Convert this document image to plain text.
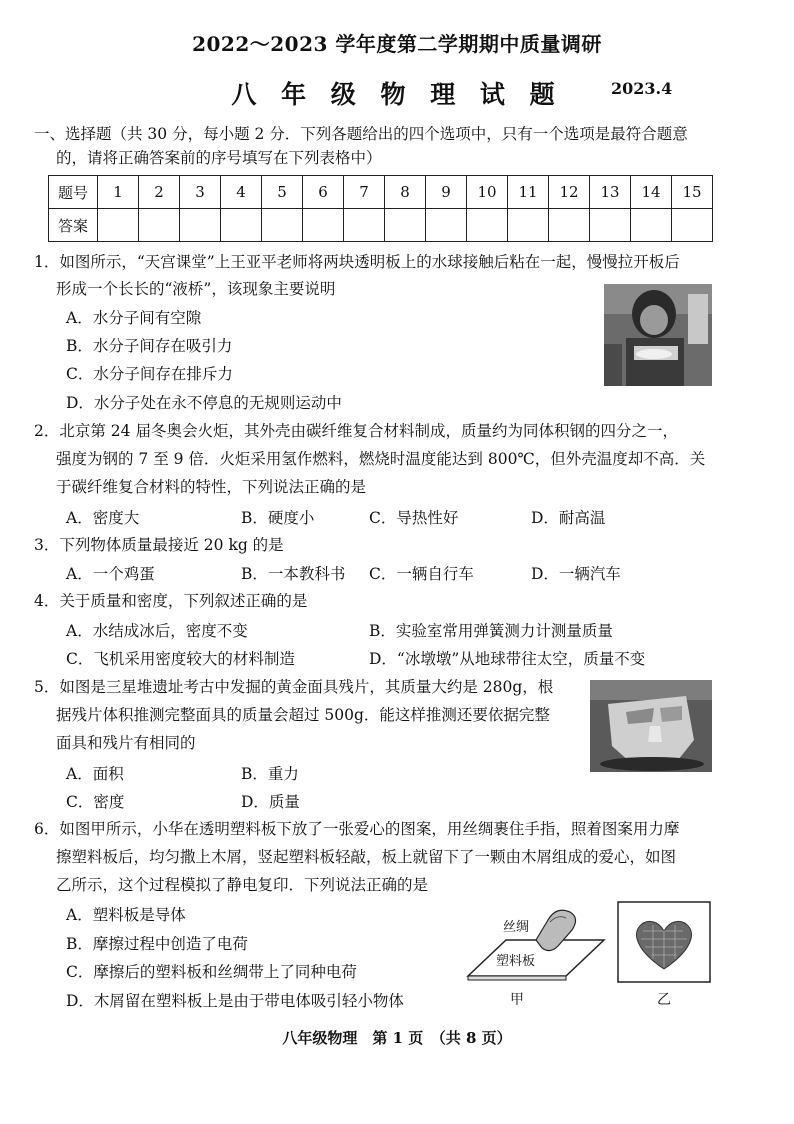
2022～2023 学年度第二学期期中质量调研
八 年 级 物 理 试 题	2023.4
一、选择题（共 30 分，每小题 2 分．下列各题给出的四个选项中，只有一个选项是最符合题意
的，请将正确答案前的序号填写在下列表格中）
题号	1	2	3	4	5	6	7	8	9	10	11	12	13	14	15
答案															
1．如图所示，“天宫课堂”上王亚平老师将两块透明板上的水球接触后粘在一起，慢慢拉开板后
形成一个长长的“液桥”，该现象主要说明
A．水分子间有空隙
B．水分子间存在吸引力
C．水分子间存在排斥力
D．水分子处在永不停息的无规则运动中
2．北京第 24 届冬奥会火炬，其外壳由碳纤维复合材料制成，质量约为同体积钢的四分之一，
强度为钢的 7 至 9 倍．火炬采用氢作燃料，燃烧时温度能达到 800℃，但外壳温度却不高．关
于碳纤维复合材料的特性，下列说法正确的是
A．密度大	B．硬度小	C．导热性好	D．耐高温
3．下列物体质量最接近 20 kg 的是
A．一个鸡蛋	B．一本教科书 C．一辆自行车	D．一辆汽车
4．关于质量和密度，下列叙述正确的是
A．水结成冰后，密度不变	B．实验室常用弹簧测力计测量质量
C．飞机采用密度较大的材料制造	D．“冰墩墩”从地球带往太空，质量不变
5．如图是三星堆遗址考古中发掘的黄金面具残片，其质量大约是 280g，根
据残片体积推测完整面具的质量会超过 500g．能这样推测还要依据完整
面具和残片有相同的
A．面积	B．重力
C．密度	D．质量
6．如图甲所示，小华在透明塑料板下放了一张爱心的图案，用丝绸裹住手指，照着图案用力摩
擦塑料板后，均匀撒上木屑，竖起塑料板轻敲，板上就留下了一颗由木屑组成的爱心，如图
乙所示，这个过程模拟了静电复印．下列说法正确的是
A．塑料板是导体
B．摩擦过程中创造了电荷
C．摩擦后的塑料板和丝绸带上了同种电荷
D．木屑留在塑料板上是由于带电体吸引轻小物体
丝绸
塑料板
甲	乙
八年级物理　第 1 页　（共 8 页）
